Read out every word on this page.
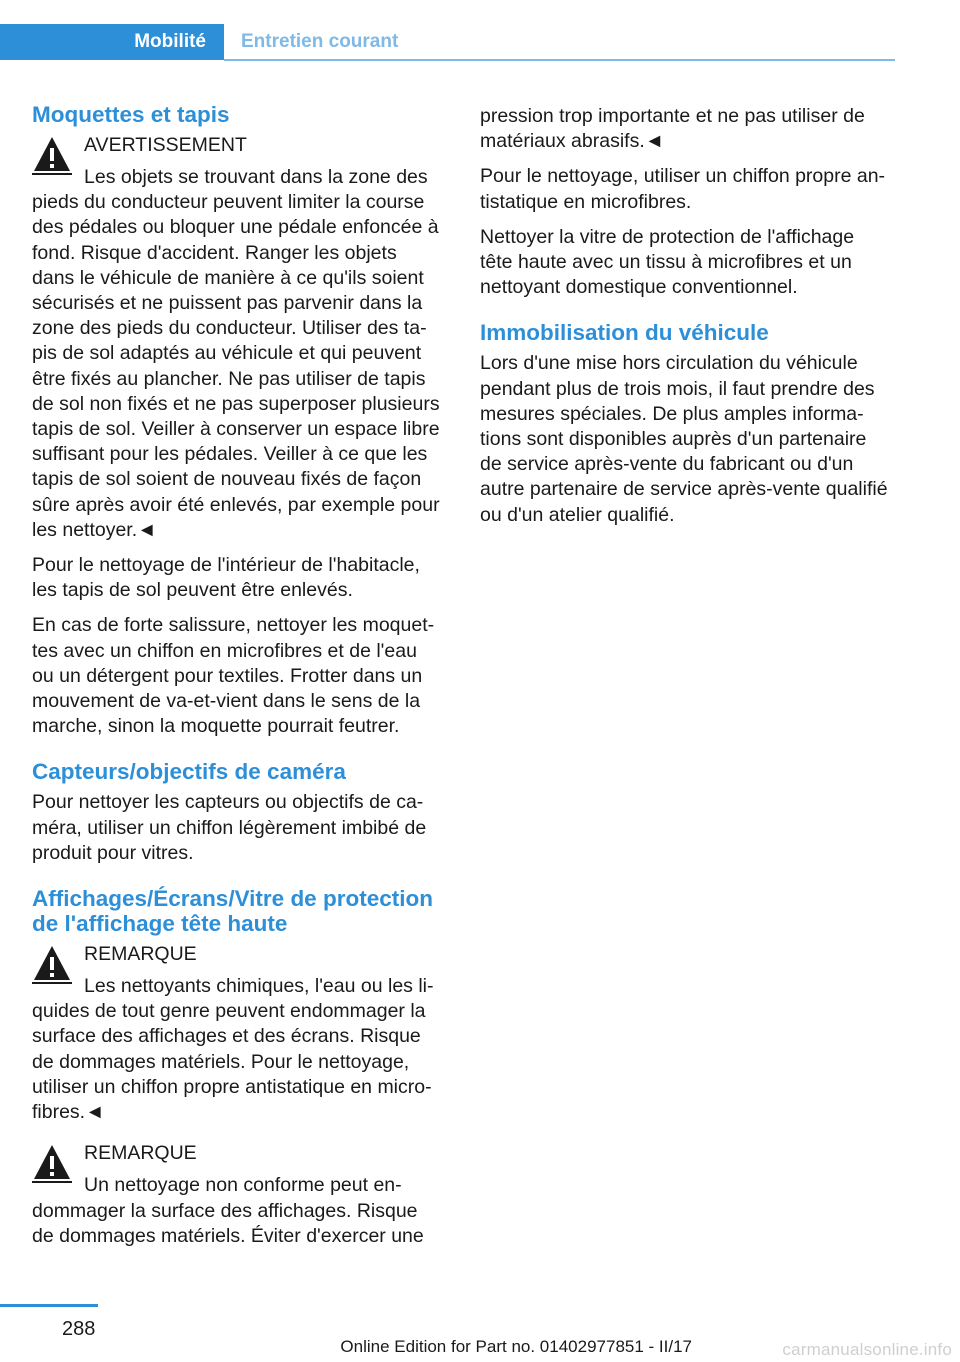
Mobilité	Entretien courant
Moquettes et tapis
AVERTISSEMENT
Les objets se trouvant dans la zone des
pieds du conducteur peuvent limiter la course
des pédales ou bloquer une pédale enfoncée à
fond. Risque d'accident. Ranger les objets
dans le véhicule de manière à ce qu'ils soient
sécurisés et ne puissent pas parvenir dans la
zone des pieds du conducteur. Utiliser des ta-
pis de sol adaptés au véhicule et qui peuvent
être fixés au plancher. Ne pas utiliser de tapis
de sol non fixés et ne pas superposer plusieurs
tapis de sol. Veiller à conserver un espace libre
suffisant pour les pédales. Veiller à ce que les
tapis de sol soient de nouveau fixés de façon
sûre après avoir été enlevés, par exemple pour
les nettoyer.◄
Pour le nettoyage de l'intérieur de l'habitacle,
les tapis de sol peuvent être enlevés.
En cas de forte salissure, nettoyer les moquet-
tes avec un chiffon en microfibres et de l'eau
ou un détergent pour textiles. Frotter dans un
mouvement de va-et-vient dans le sens de la
marche, sinon la moquette pourrait feutrer.
Capteurs/objectifs de caméra
Pour nettoyer les capteurs ou objectifs de ca-
méra, utiliser un chiffon légèrement imbibé de
produit pour vitres.
Affichages/Écrans/Vitre de protection
de l'affichage tête haute
REMARQUE
Les nettoyants chimiques, l'eau ou les li-
quides de tout genre peuvent endommager la
surface des affichages et des écrans. Risque
de dommages matériels. Pour le nettoyage,
utiliser un chiffon propre antistatique en micro-
fibres.◄
REMARQUE
Un nettoyage non conforme peut en-
dommager la surface des affichages. Risque
de dommages matériels. Éviter d'exercer une
pression trop importante et ne pas utiliser de
matériaux abrasifs.◄
Pour le nettoyage, utiliser un chiffon propre an-
tistatique en microfibres.
Nettoyer la vitre de protection de l'affichage
tête haute avec un tissu à microfibres et un
nettoyant domestique conventionnel.
Immobilisation du véhicule
Lors d'une mise hors circulation du véhicule
pendant plus de trois mois, il faut prendre des
mesures spéciales. De plus amples informa-
tions sont disponibles auprès d'un partenaire
de service après-vente du fabricant ou d'un
autre partenaire de service après-vente qualifié
ou d'un atelier qualifié.
288
Online Edition for Part no. 01402977851 - II/17	carmanualsonline.info
